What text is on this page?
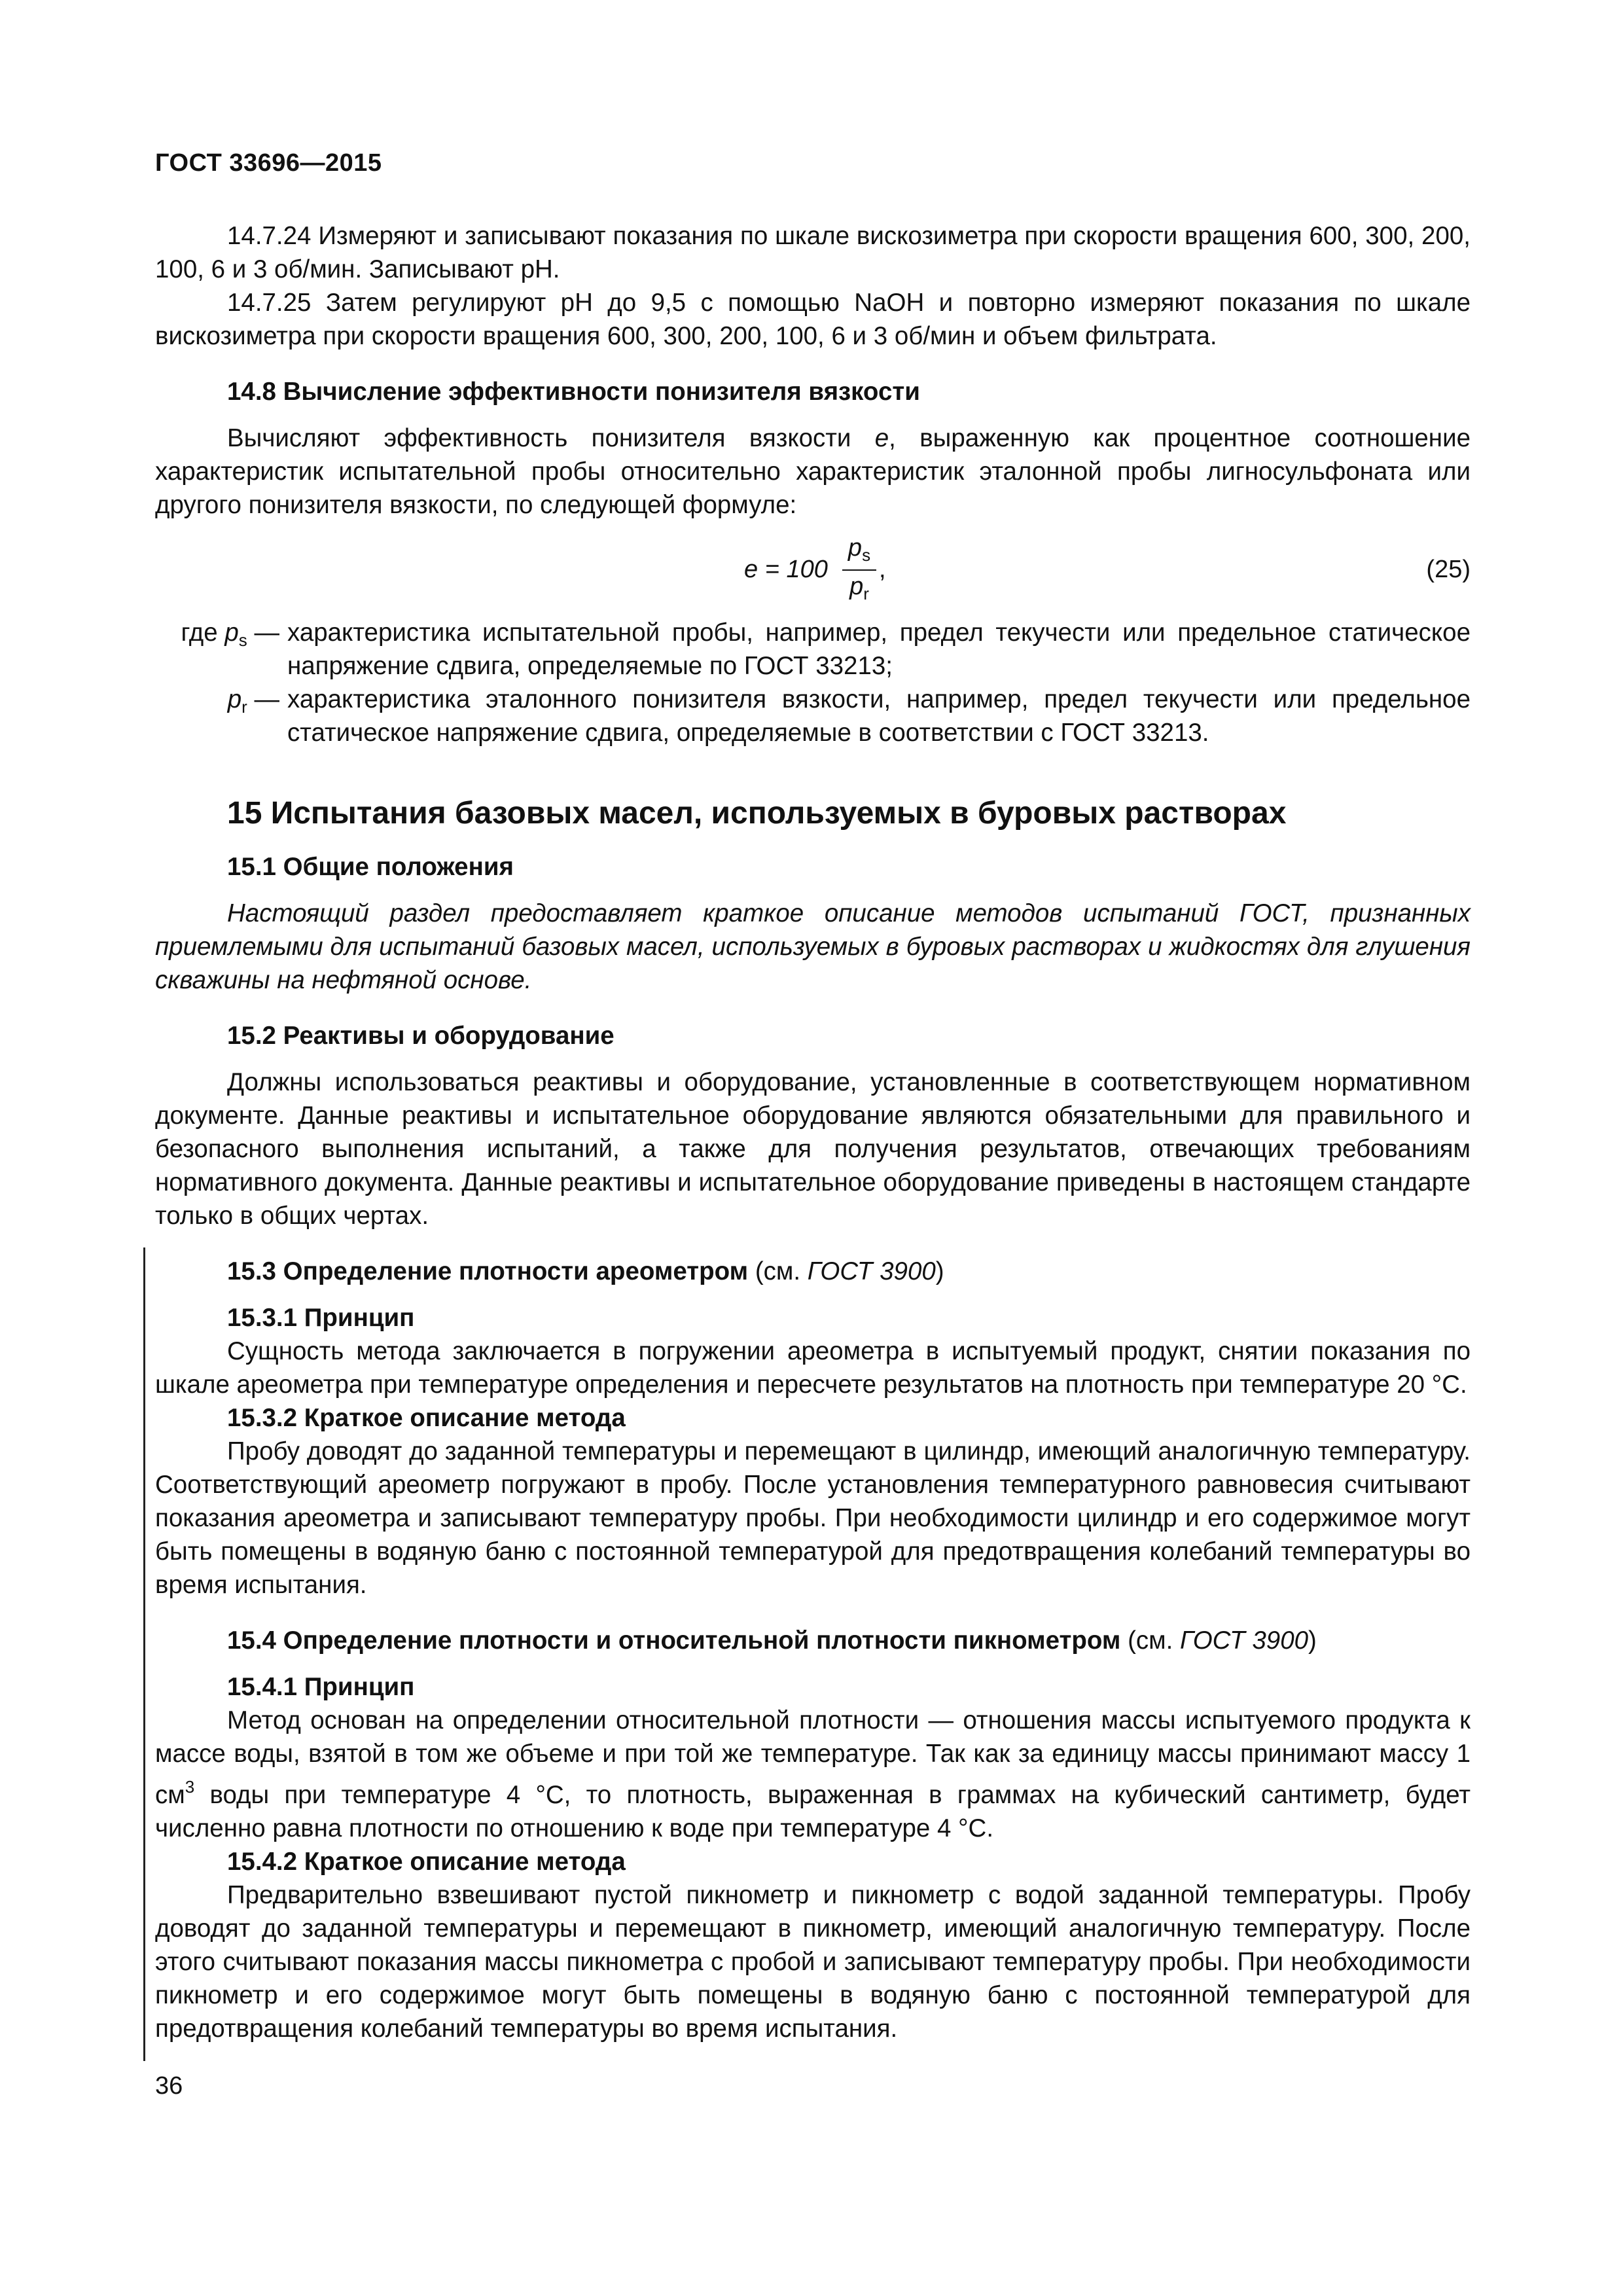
ГОСТ 33696—2015

14.7.24 Измеряют и записывают показания по шкале вискозиметра при скорости вращения 600, 300, 200, 100, 6 и 3 об/мин. Записывают pH.

14.7.25 Затем регулируют pH до 9,5 с помощью NaOH и повторно измеряют показания по шкале вискозиметра при скорости вращения 600, 300, 200, 100, 6 и 3 об/мин и объем фильтрата.

14.8 Вычисление эффективности понизителя вязкости

Вычисляют эффективность понизителя вязкости e, выраженную как процентное соотношение характеристик испытательной пробы относительно характеристик эталонной пробы лигносульфоната или другого понизителя вязкости, по следующей формуле:

$e = 100 \frac{p_s}{p_r}$ ,	(25)
где $p_s$ — характеристика испытательной пробы, например, предел текучести или предельное статическое напряжение сдвига, определяемые по ГОСТ 33213;
$p_r$ — характеристика эталонного понизителя вязкости, например, предел текучести или предельное статическое напряжение сдвига, определяемые в соответствии с ГОСТ 33213.

15 Испытания базовых масел, используемых в буровых растворах

15.1 Общие положения

Настоящий раздел предоставляет краткое описание методов испытаний ГОСТ, признанных приемлемыми для испытаний базовых масел, используемых в буровых растворах и жидкостях для глушения скважины на нефтяной основе.

15.2 Реактивы и оборудование

Должны использоваться реактивы и оборудование, установленные в соответствующем нормативном документе. Данные реактивы и испытательное оборудование являются обязательными для правильного и безопасного выполнения испытаний, а также для получения результатов, отвечающих требованиям нормативного документа. Данные реактивы и испытательное оборудование приведены в настоящем стандарте только в общих чертах.

15.3 Определение плотности ареометром (см. ГОСТ 3900)

15.3.1 Принцип

Сущность метода заключается в погружении ареометра в испытуемый продукт, снятии показания по шкале ареометра при температуре определения и пересчете результатов на плотность при температуре 20 °С.

15.3.2 Краткое описание метода

Пробу доводят до заданной температуры и перемещают в цилиндр, имеющий аналогичную температуру. Соответствующий ареометр погружают в пробу. После установления температурного равновесия считывают показания ареометра и записывают температуру пробы. При необходимости цилиндр и его содержимое могут быть помещены в водяную баню с постоянной температурой для предотвращения колебаний температуры во время испытания.

15.4 Определение плотности и относительной плотности пикнометром (см. ГОСТ 3900)

15.4.1 Принцип

Метод основан на определении относительной плотности — отношения массы испытуемого продукта к массе воды, взятой в том же объеме и при той же температуре. Так как за единицу массы принимают массу 1 $см^3$ воды при температуре 4 °С, то плотность, выраженная в граммах на кубический сантиметр, будет численно равна плотности по отношению к воде при температуре 4 °С.

15.4.2 Краткое описание метода

Предварительно взвешивают пустой пикнометр и пикнометр с водой заданной температуры. Пробу доводят до заданной температуры и перемещают в пикнометр, имеющий аналогичную температуру. После этого считывают показания массы пикнометра с пробой и записывают температуру пробы. При необходимости пикнометр и его содержимое могут быть помещены в водяную баню с постоянной температурой для предотвращения колебаний температуры во время испытания.

36
